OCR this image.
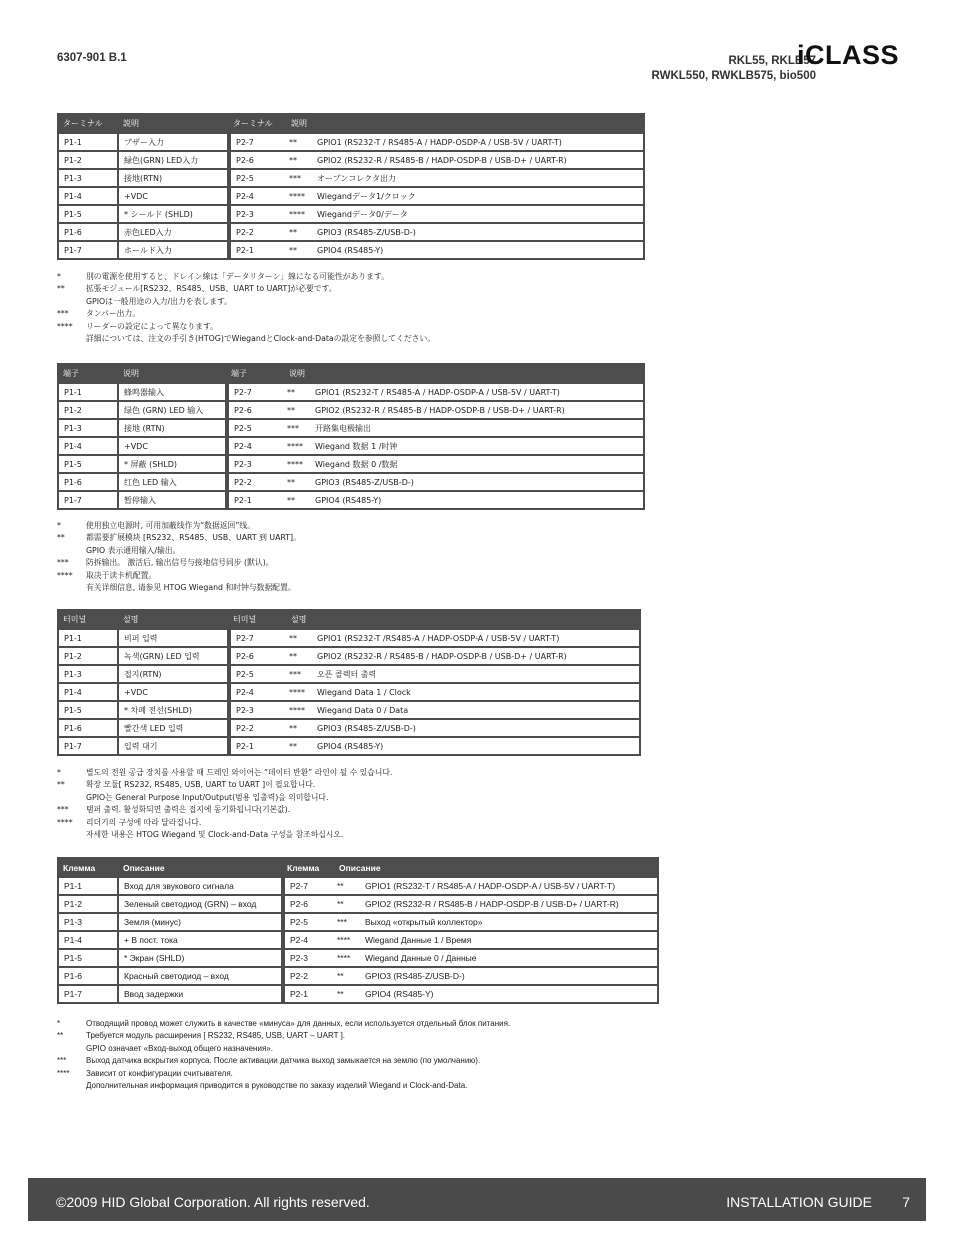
6307-901 B.1	RKL55, RKLB57
RWKL550, RWKLB575, bio500
iCLASS
ターミナル	説明	ターミナル	説明	
P1-1	ブザー入力	P2-7	**	GPIO1 (RS232-T / RS485-A / HADP-OSDP-A / USB-5V / UART-T)
P1-2	緑色(GRN) LED入力	P2-6	**	GPIO2 (RS232-R / RS485-B / HADP-OSDP-B / USB-D+ / UART-R)
P1-3	接地(RTN)	P2-5	***	オープンコレクタ出力
P1-4	+VDC	P2-4	****	Wiegandデータ1/クロック
P1-5	* シールド (SHLD)	P2-3	****	Wiegandデータ0/データ
P1-6	赤色LED入力	P2-2	**	GPIO3 (RS485-Z/USB-D-)
P1-7	ホールド入力	P2-1	**	GPIO4 (RS485-Y)
*	別の電源を使用すると、ドレイン線は「データリターン」線になる可能性があります。
**	拡張モジュール[RS232、RS485、USB、UART to UART]が必要です。
GPIOは一般用途の入力/出力を表します。
***	タンパー出力。
****	リーダーの設定によって異なります。
詳細については、注文の手引き(HTOG)でWiegandとClock-and-Dataの設定を参照してください。
端子	说明	端子	说明	
P1-1	蜂鸣器输入	P2-7	**	GPIO1 (RS232-T / RS485-A / HADP-OSDP-A / USB-5V / UART-T)
P1-2	绿色 (GRN) LED 输入	P2-6	**	GPIO2 (RS232-R / RS485-B / HADP-OSDP-B / USB-D+ / UART-R)
P1-3	接地 (RTN)	P2-5	***	开路集电极输出
P1-4	+VDC	P2-4	****	Wiegand 数据 1 /时钟
P1-5	* 屏蔽 (SHLD)	P2-3	****	Wiegand 数据 0 /数据
P1-6	红色 LED 输入	P2-2	**	GPIO3 (RS485-Z/USB-D-)
P1-7	暂停输入	P2-1	**	GPIO4 (RS485-Y)
*	使用独立电源时, 可用加蔽线作为“数据返回”线。
**	都需要扩展模块 [RS232、RS485、USB、UART 到 UART]。
GPIO 表示通用输入/输出。
***	防拆输出。 激活后, 输出信号与接地信号同步 (默认)。
****	取决于读卡机配置。
有关详细信息, 请参见 HTOG Wiegand 和时钟与数据配置。
터미널	설명	터미널	설명	
P1-1	비퍼 입력	P2-7	**	GPIO1 (RS232-T /RS485-A / HADP-OSDP-A / USB-5V / UART-T)
P1-2	녹색(GRN) LED 입력	P2-6	**	GPIO2 (RS232-R / RS485-B / HADP-OSDP-B / USB-D+ / UART-R)
P1-3	접지(RTN)	P2-5	***	오픈 콜렉터 출력
P1-4	+VDC	P2-4	****	Wiegand Data 1 / Clock
P1-5	* 차폐 전선(SHLD)	P2-3	****	Wiegand Data 0 / Data
P1-6	빨간색 LED 입력	P2-2	**	GPIO3 (RS485-Z/USB-D-)
P1-7	입력 대기	P2-1	**	GPIO4 (RS485-Y)
*	별도의 전원 공급 장치를 사용할 때 드레인 와이어는 “데이터 반환” 라인이 될 수 있습니다.
**	확장 모듈[ RS232, RS485, USB, UART to UART ]이 필요합니다.
GPIO는 General Purpose Input/Output(범용 입출력)을 의미합니다.
***	탬퍼 출력. 활성화되면 출력은 접지에 동기화됩니다(기본값).
****	리더기의 구성에 따라 달라집니다.
자세한 내용은 HTOG Wiegand 및 Clock-and-Data 구성을 참조하십시오.
Клемма	Описание	Клемма	Описание	
P1-1	Вход для звукового сигнала	P2-7	**	GPIO1 (RS232-T / RS485-A / HADP-OSDP-A / USB-5V / UART-T)
P1-2	Зеленый светодиод (GRN) – вход	P2-6	**	GPIO2 (RS232-R / RS485-B / HADP-OSDP-B / USB-D+ / UART-R)
P1-3	Земля (минус)	P2-5	***	Выход «открытый коллектор»
P1-4	+ В пост. тока	P2-4	****	Wiegand Данные 1 / Время
P1-5	* Экран (SHLD)	P2-3	****	Wiegand Данные 0 / Данные
P1-6	Красный светодиод – вход	P2-2	**	GPIO3 (RS485-Z/USB-D-)
P1-7	Ввод задержки	P2-1	**	GPIO4 (RS485-Y)
*	Отводящий провод может служить в качестве «минуса» для данных, если используется отдельный блок питания.
**	Требуется модуль расширения [ RS232, RS485, USB, UART – UART ].
GPIO означает «Вход-выход общего назначения».
***	Выход датчика вскрытия корпуса. После активации датчика выход замыкается на землю (по умолчанию).
****	Зависит от конфигурации считывателя.
Дополнительная информация приводится в руководстве по заказу изделий Wiegand и Clock-and-Data.
©2009 HID Global Corporation. All rights reserved.	INSTALLATION GUIDE 7
